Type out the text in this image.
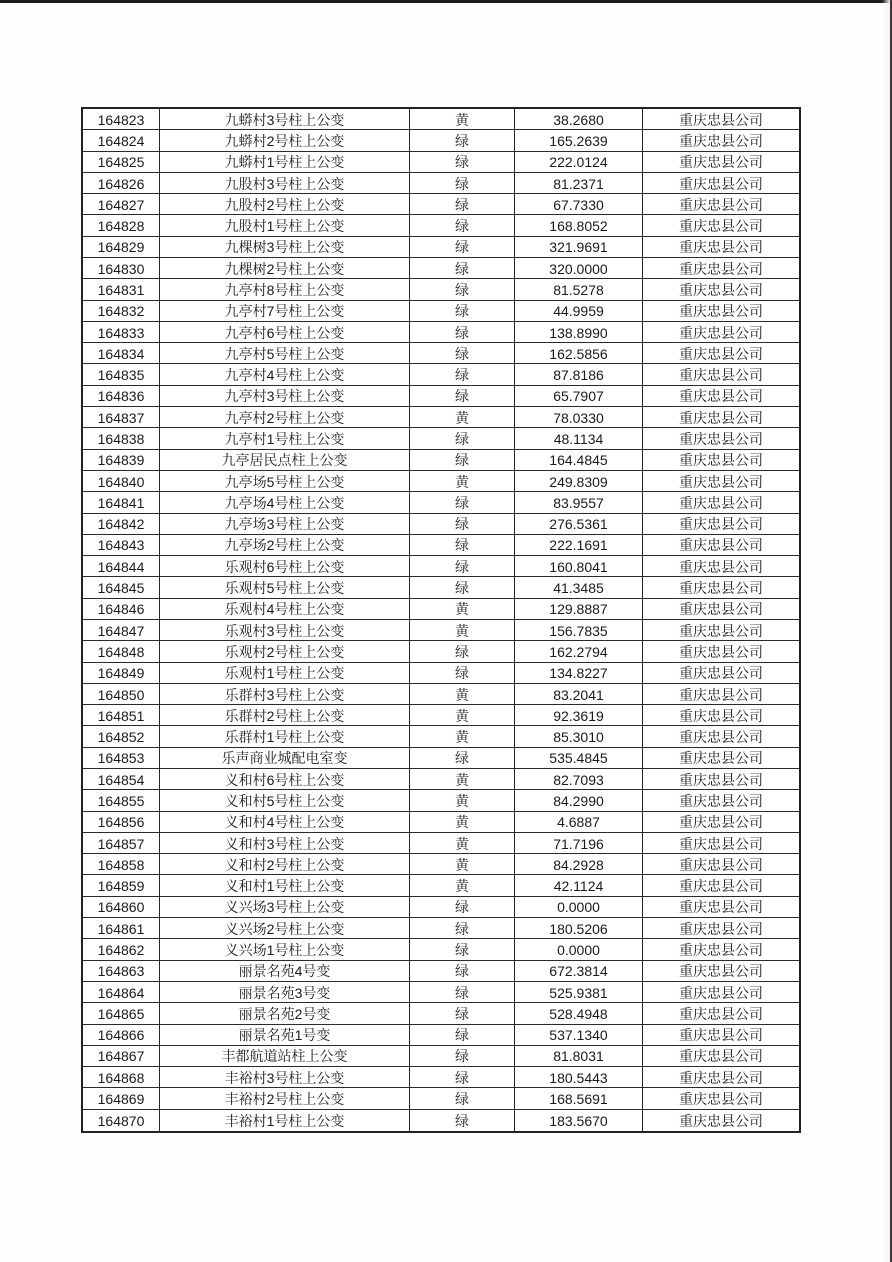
164823	九蟒村3号柱上公变	黄	38.2680	重庆忠县公司
164824	九蟒村2号柱上公变	绿	165.2639	重庆忠县公司
164825	九蟒村1号柱上公变	绿	222.0124	重庆忠县公司
164826	九股村3号柱上公变	绿	81.2371	重庆忠县公司
164827	九股村2号柱上公变	绿	67.7330	重庆忠县公司
164828	九股村1号柱上公变	绿	168.8052	重庆忠县公司
164829	九棵树3号柱上公变	绿	321.9691	重庆忠县公司
164830	九棵树2号柱上公变	绿	320.0000	重庆忠县公司
164831	九亭村8号柱上公变	绿	81.5278	重庆忠县公司
164832	九亭村7号柱上公变	绿	44.9959	重庆忠县公司
164833	九亭村6号柱上公变	绿	138.8990	重庆忠县公司
164834	九亭村5号柱上公变	绿	162.5856	重庆忠县公司
164835	九亭村4号柱上公变	绿	87.8186	重庆忠县公司
164836	九亭村3号柱上公变	绿	65.7907	重庆忠县公司
164837	九亭村2号柱上公变	黄	78.0330	重庆忠县公司
164838	九亭村1号柱上公变	绿	48.1134	重庆忠县公司
164839	九亭居民点柱上公变	绿	164.4845	重庆忠县公司
164840	九亭场5号柱上公变	黄	249.8309	重庆忠县公司
164841	九亭场4号柱上公变	绿	83.9557	重庆忠县公司
164842	九亭场3号柱上公变	绿	276.5361	重庆忠县公司
164843	九亭场2号柱上公变	绿	222.1691	重庆忠县公司
164844	乐观村6号柱上公变	绿	160.8041	重庆忠县公司
164845	乐观村5号柱上公变	绿	41.3485	重庆忠县公司
164846	乐观村4号柱上公变	黄	129.8887	重庆忠县公司
164847	乐观村3号柱上公变	黄	156.7835	重庆忠县公司
164848	乐观村2号柱上公变	绿	162.2794	重庆忠县公司
164849	乐观村1号柱上公变	绿	134.8227	重庆忠县公司
164850	乐群村3号柱上公变	黄	83.2041	重庆忠县公司
164851	乐群村2号柱上公变	黄	92.3619	重庆忠县公司
164852	乐群村1号柱上公变	黄	85.3010	重庆忠县公司
164853	乐声商业城配电室变	绿	535.4845	重庆忠县公司
164854	义和村6号柱上公变	黄	82.7093	重庆忠县公司
164855	义和村5号柱上公变	黄	84.2990	重庆忠县公司
164856	义和村4号柱上公变	黄	4.6887	重庆忠县公司
164857	义和村3号柱上公变	黄	71.7196	重庆忠县公司
164858	义和村2号柱上公变	黄	84.2928	重庆忠县公司
164859	义和村1号柱上公变	黄	42.1124	重庆忠县公司
164860	义兴场3号柱上公变	绿	0.0000	重庆忠县公司
164861	义兴场2号柱上公变	绿	180.5206	重庆忠县公司
164862	义兴场1号柱上公变	绿	0.0000	重庆忠县公司
164863	丽景名苑4号变	绿	672.3814	重庆忠县公司
164864	丽景名苑3号变	绿	525.9381	重庆忠县公司
164865	丽景名苑2号变	绿	528.4948	重庆忠县公司
164866	丽景名苑1号变	绿	537.1340	重庆忠县公司
164867	丰都航道站柱上公变	绿	81.8031	重庆忠县公司
164868	丰裕村3号柱上公变	绿	180.5443	重庆忠县公司
164869	丰裕村2号柱上公变	绿	168.5691	重庆忠县公司
164870	丰裕村1号柱上公变	绿	183.5670	重庆忠县公司
